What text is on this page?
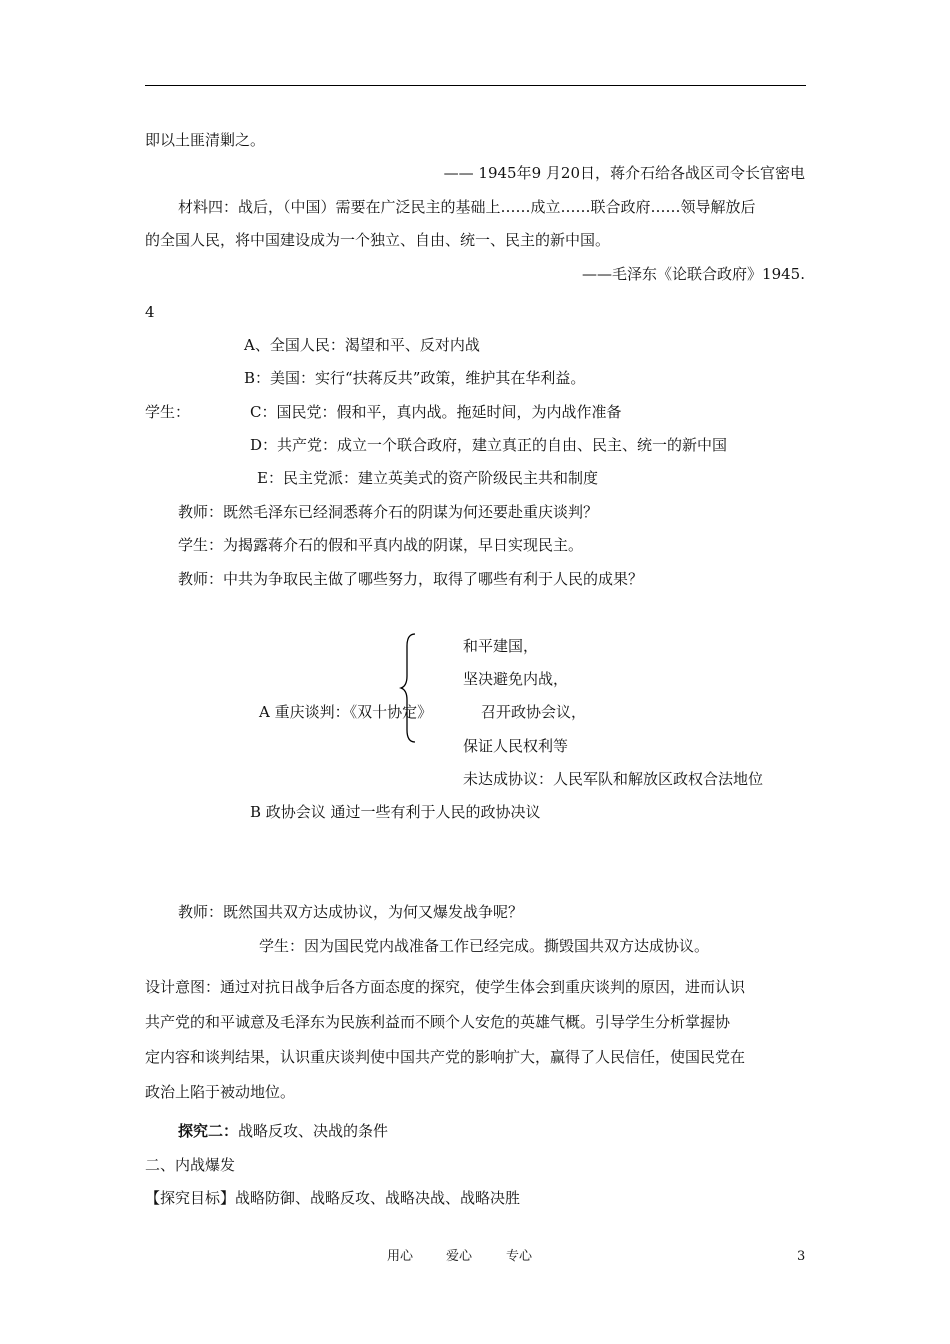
即以土匪清剿之。
—— 1945年9 月20日，蒋介石给各战区司令长官密电
材料四：战后，（中国）需要在广泛民主的基础上……成立……联合政府……领导解放后
的全国人民，将中国建设成为一个独立、自由、统一、民主的新中国。
——毛泽东《论联合政府》1945.
4
A、全国人民：渴望和平、反对内战
B：美国：实行“扶蒋反共”政策，维护其在华利益。
学生：	C：国民党：假和平，真内战。拖延时间，为内战作准备
D：共产党：成立一个联合政府，建立真正的自由、民主、统一的新中国
E：民主党派：建立英美式的资产阶级民主共和制度
教师：既然毛泽东已经洞悉蒋介石的阴谋为何还要赴重庆谈判？
学生：为揭露蒋介石的假和平真内战的阴谋，早日实现民主。
教师：中共为争取民主做了哪些努力，取得了哪些有利于人民的成果？
和平建国，
坚决避免内战，
A 重庆谈判：《双十协定》	召开政协会议，
保证人民权利等
未达成协议：人民军队和解放区政权合法地位
B 政协会议 通过一些有利于人民的政协决议
教师：既然国共双方达成协议，为何又爆发战争呢？
学生：因为国民党内战准备工作已经完成。撕毁国共双方达成协议。
设计意图：通过对抗日战争后各方面态度的探究，使学生体会到重庆谈判的原因，进而认识
共产党的和平诚意及毛泽东为民族利益而不顾个人安危的英雄气概。引导学生分析掌握协
定内容和谈判结果，认识重庆谈判使中国共产党的影响扩大，赢得了人民信任，使国民党在
政治上陷于被动地位。
探究二：战略反攻、决战的条件
二、内战爆发
【探究目标】战略防御、战略反攻、战略决战、战略决胜
用心	爱心	专心	3
